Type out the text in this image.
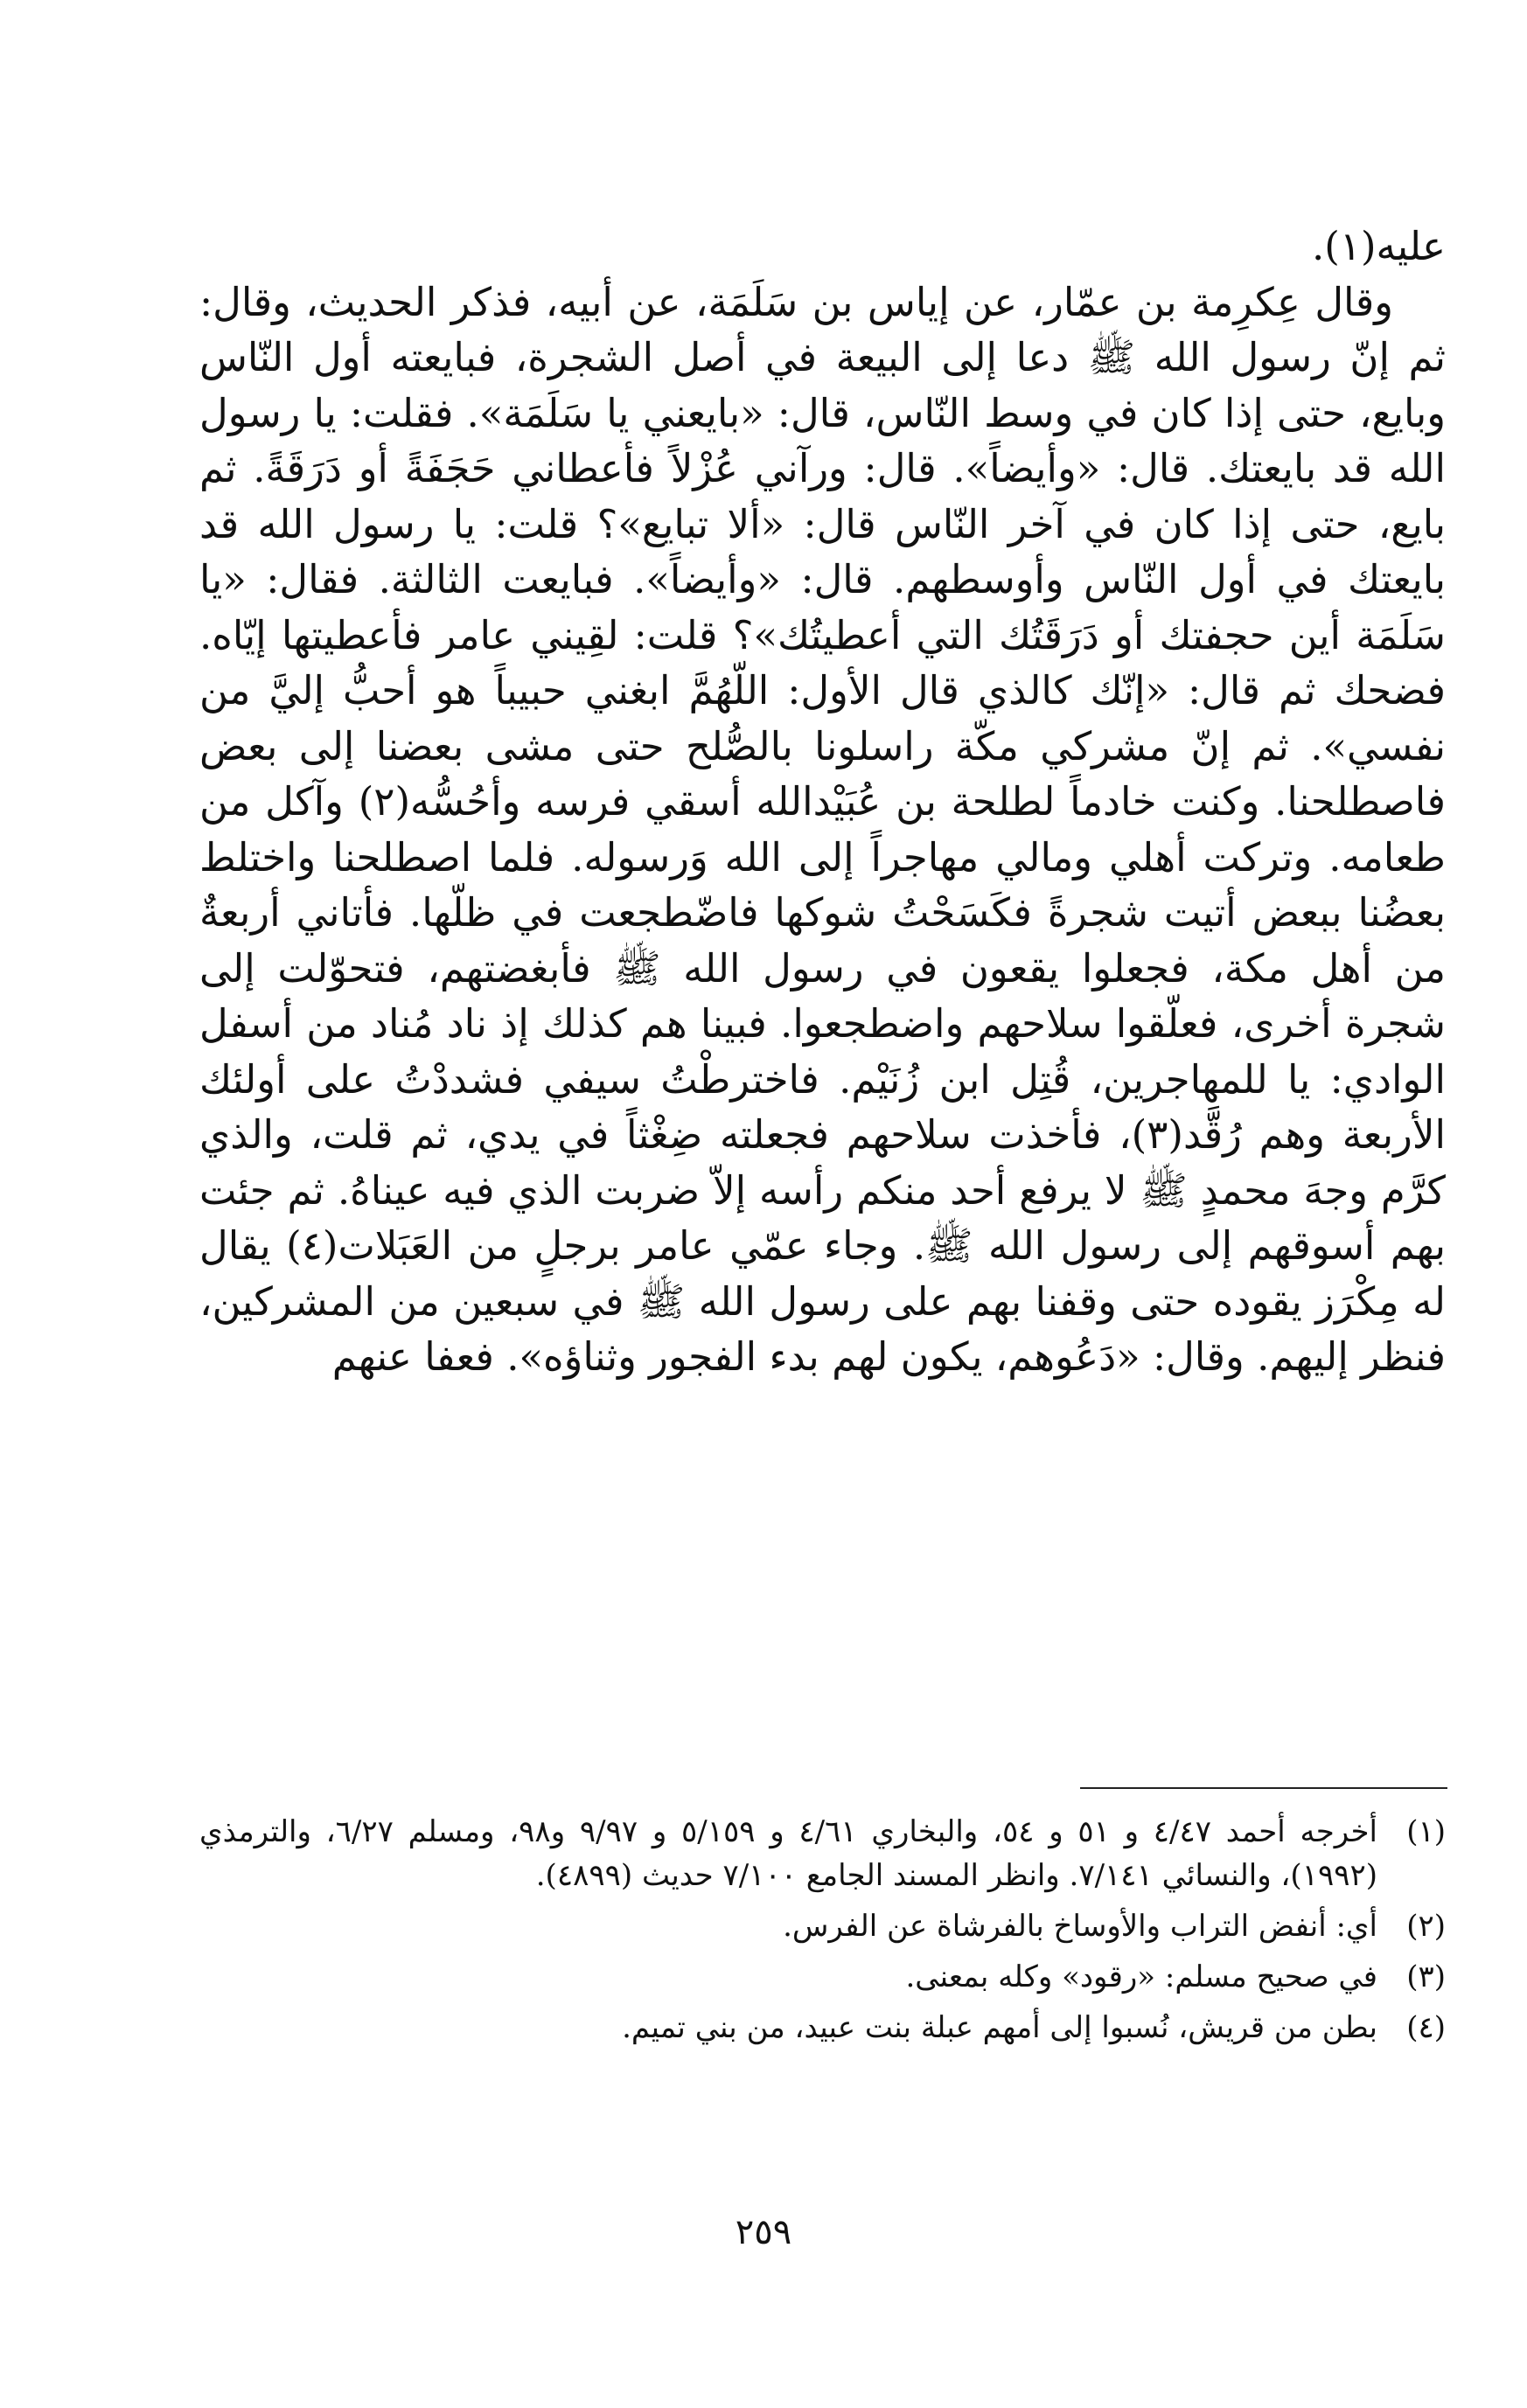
عليه(١).

وقال عِكرِمة بن عمّار، عن إياس بن سَلَمَة، عن أبيه، فذكر الحديث، وقال: ثم إنّ رسول الله ﷺ دعا إلى البيعة في أصل الشجرة، فبايعته أول النّاس وبايع، حتى إذا كان في وسط النّاس، قال: «بايعني يا سَلَمَة». فقلت: يا رسول الله قد بايعتك. قال: «وأيضاً». قال: ورآني عُزْلاً فأعطاني حَجَفَةً أو دَرَقَةً. ثم بايع، حتى إذا كان في آخر النّاس قال: «ألا تبايع»؟ قلت: يا رسول الله قد بايعتك في أول النّاس وأوسطهم. قال: «وأيضاً». فبايعت الثالثة. فقال: «يا سَلَمَة أين حجفتك أو دَرَقَتُك التي أعطيتُك»؟ قلت: لقِيني عامر فأعطيتها إيّاه. فضحك ثم قال: «إنّك كالذي قال الأول: اللّهُمَّ ابغني حبيباً هو أحبُّ إليَّ من نفسي». ثم إنّ مشركي مكّة راسلونا بالصُّلح حتى مشى بعضنا إلى بعض فاصطلحنا. وكنت خادماً لطلحة بن عُبَيْدالله أسقي فرسه وأحُسُّه(٢) وآكل من طعامه. وتركت أهلي ومالي مهاجراً إلى الله وَرسوله. فلما اصطلحنا واختلط بعضُنا ببعض أتيت شجرةً فكَسَحْتُ شوكها فاضّطجعت في ظلّها. فأتاني أربعةٌ من أهل مكة، فجعلوا يقعون في رسول الله ﷺ فأبغضتهم، فتحوّلت إلى شجرة أخرى، فعلّقوا سلاحهم واضطجعوا. فبينا هم كذلك إذ ناد مُناد من أسفل الوادي: يا للمهاجرين، قُتِل ابن زُنَيْم. فاخترطْتُ سيفي فشددْتُ على أولئك الأربعة وهم رُقَّد(٣)، فأخذت سلاحهم فجعلته ضِغْثاً في يدي، ثم قلت، والذي كرَّم وجهَ محمدٍ ﷺ لا يرفع أحد منكم رأسه إلاّ ضربت الذي فيه عيناهُ. ثم جئت بهم أسوقهم إلى رسول الله ﷺ. وجاء عمّي عامر برجلٍ من العَبَلات(٤) يقال له مِكْرَز يقوده حتى وقفنا بهم على رسول الله ﷺ في سبعين من المشركين، فنظر إليهم. وقال: «دَعُوهم، يكون لهم بدء الفجور وثناؤه». فعفا عنهم

(١)
أخرجه أحمد ٤/٤٧ و ٥١ و ٥٤، والبخاري ٤/٦١ و ٥/١٥٩ و ٩/٩٧ و٩٨، ومسلم ٦/٢٧، والترمذي (١٩٩٢)، والنسائي ٧/١٤١. وانظر المسند الجامع ٧/١٠٠ حديث (٤٨٩٩).
(٢)
أي: أنفض التراب والأوساخ بالفرشاة عن الفرس.
(٣)
في صحيح مسلم: «رقود» وكله بمعنى.
(٤)
بطن من قريش، نُسبوا إلى أمهم عبلة بنت عبيد، من بني تميم.
٢٥٩
